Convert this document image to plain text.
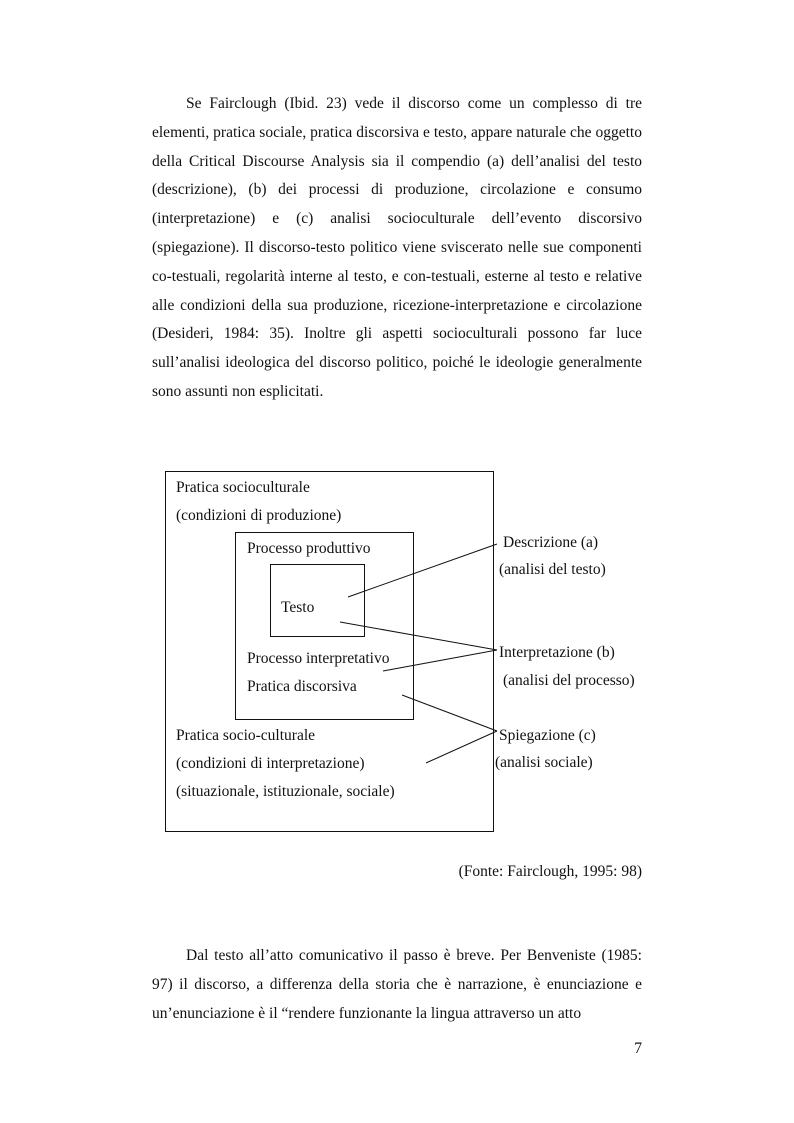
Se Fairclough (Ibid. 23) vede il discorso come un complesso di tre elementi, pratica sociale, pratica discorsiva e testo, appare naturale che oggetto della Critical Discourse Analysis sia il compendio (a) dell’analisi del testo (descrizione), (b) dei processi di produzione, circolazione e consumo (interpretazione) e (c) analisi socioculturale dell’evento discorsivo (spiegazione). Il discorso-testo politico viene sviscerato nelle sue componenti co-testuali, regolarità interne al testo, e con-testuali, esterne al testo e relative alle condizioni della sua produzione, ricezione-interpretazione e circolazione (Desideri, 1984: 35). Inoltre gli aspetti socioculturali possono far luce sull’analisi ideologica del discorso politico, poiché le ideologie generalmente sono assunti non esplicitati.

Pratica socioculturale
(condizioni di produzione)
Processo produttivo
Testo
Processo interpretativo
Pratica discorsiva
Pratica socio-culturale
(condizioni di interpretazione)
(situazionale, istituzionale, sociale)
Descrizione (a)
(analisi del testo)
Interpretazione (b)
(analisi del processo)
Spiegazione (c)
(analisi sociale)
(Fonte: Fairclough, 1995: 98)

Dal testo all’atto comunicativo il passo è breve. Per Benveniste (1985: 97) il discorso, a differenza della storia che è narrazione, è enunciazione e un’enunciazione è il “rendere funzionante la lingua attraverso un atto

7
